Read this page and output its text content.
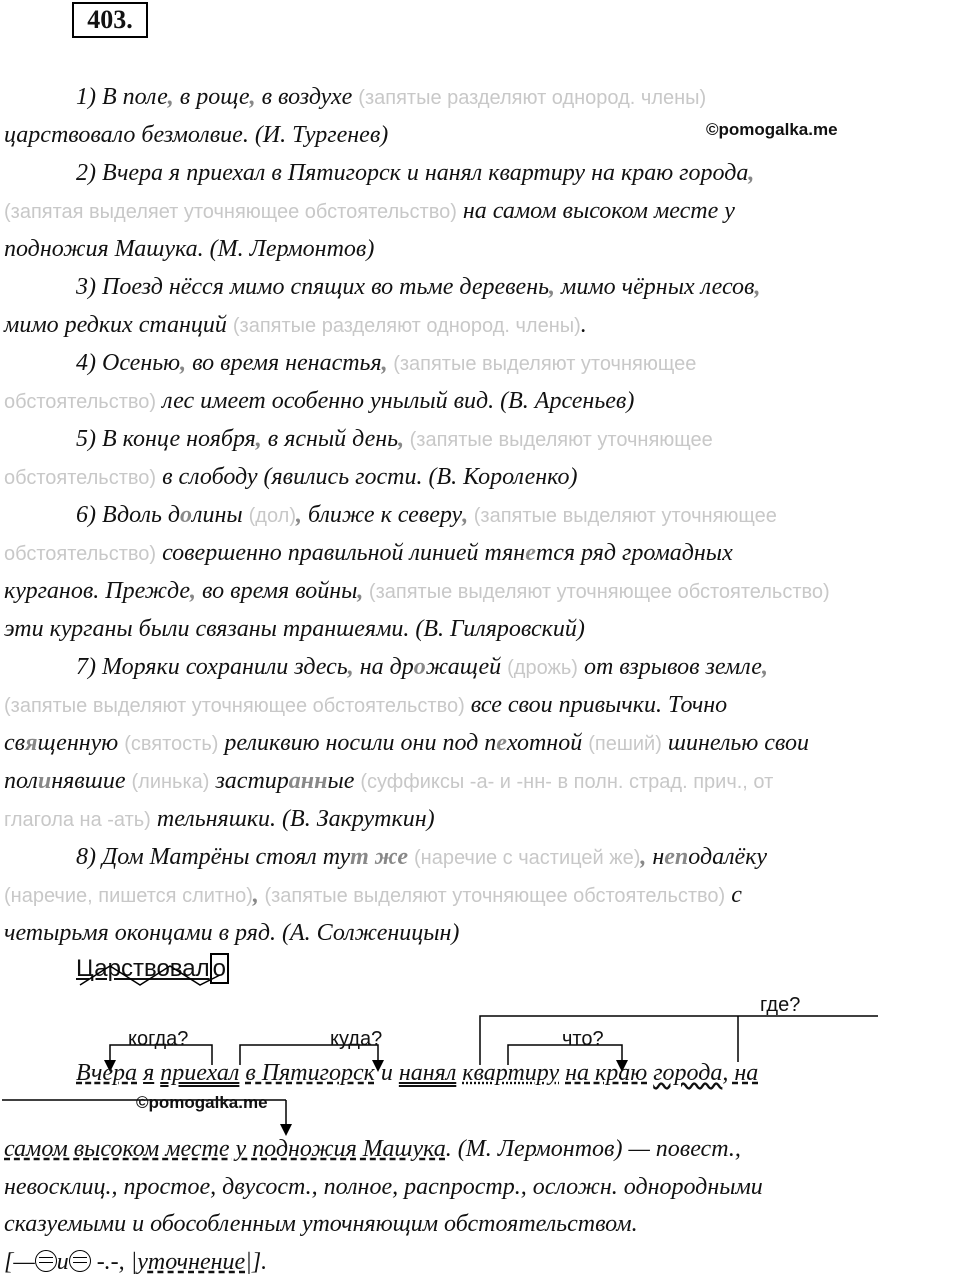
403.
1) В поле, в роще, в воздухе (запятые разделяют однород. члены)
царствовало безмолвие. (И. Тургенев)
2) Вчера я приехал в Пятигорск и нанял квартиру на краю города,
(запятая выделяет уточняющее обстоятельство) на самом высоком месте у
подножия Машука. (М. Лермонтов)
3) Поезд нёсся мимо спящих во тьме деревень, мимо чёрных лесов,
мимо редких станций (запятые разделяют однород. члены).
4) Осенью, во время ненастья, (запятые выделяют уточняющее
обстоятельство) лес имеет особенно унылый вид. (В. Арсеньев)
5) В конце ноября, в ясный день, (запятые выделяют уточняющее
обстоятельство) в слободу (явились гости. (В. Короленко)
6) Вдоль долины (дол), ближе к северу, (запятые выделяют уточняющее
обстоятельство) совершенно правильной линией тянется ряд громадных
курганов. Прежде, во время войны, (запятые выделяют уточняющее обстоятельство)
эти курганы были связаны траншеями. (В. Гиляровский)
7) Моряки сохранили здесь, на дрожащей (дрожь) от взрывов земле,
(запятые выделяют уточняющее обстоятельство) все свои привычки. Точно
священную (святость) реликвию носили они под пехотной (пеший) шинелью свои
полинявшие (линька) застиранные (суффиксы -а- и -нн- в полн. страд. прич., от
глагола на -ать) тельняшки. (В. Закруткин)
8) Дом Матрёны стоял тут же (наречие с частицей же), неподалёку
(наречие, пишется слитно), (запятые выделяют уточняющее обстоятельство) с
четырьмя оконцами в ряд. (А. Солженицын)
©pomogalka.me
Царствовал о
когда?	куда?	что?
где?
Вчера я приехал в Пятигорск и нанял квартиру на краю города, на
©pomogalka.me
самом высоком месте у подножия Машука. (М. Лермонтов) — повест.,
невосклиц., простое, двусост., полное, распростр., осложн. однородными
сказуемыми и обособленным уточняющим обстоятельством.
[— и
-.-, |уточнение|].
